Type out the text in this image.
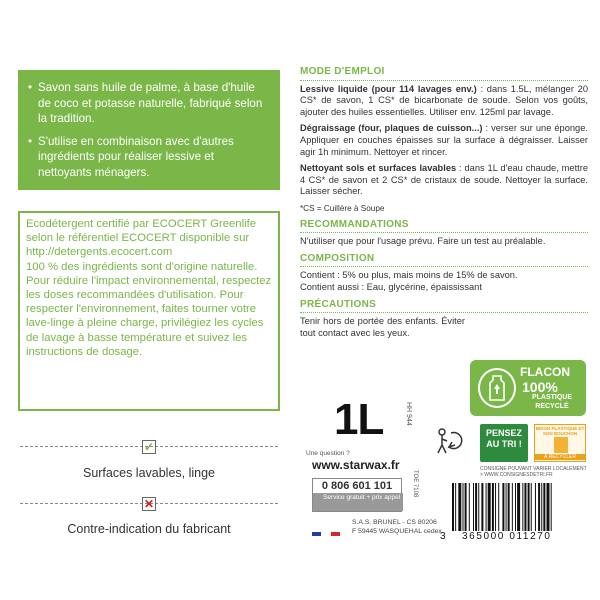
• Savon sans huile de palme, à base d'huile de coco et potasse naturelle, fabriqué selon la tradition.
• S'utilise en combinaison avec d'autres ingrédients pour réaliser lessive et nettoyants ménagers.

Ecodétergent certifié par ECOCERT Greenlife selon le référentiel ECOCERT disponible sur http://detergents.ecocert.com

100 % des ingrédients sont d'origine naturelle.

Pour réduire l'impact environnemental, respectez les doses recommandées d'utilisation. Pour respecter l'environnement, faites tourner votre lave-linge à pleine charge, privilégiez les cycles de lavage à basse température et suivez les instructions de dosage.

✓
Surfaces lavables, linge
✕
Contre-indication du fabricant
MODE D'EMPLOI
Lessive liquide (pour 114 lavages env.) : dans 1.5L, mélanger 20 CS* de savon, 1 CS* de bicarbonate de soude. Selon vos goûts, ajouter des huiles essentielles. Utiliser env. 125ml par lavage.
Dégraissage (four, plaques de cuisson...) : verser sur une éponge. Appliquer en couches épaisses sur la surface à dégraisser. Laisser agir 1h minimum. Nettoyer et rincer.
Nettoyant sols et surfaces lavables : dans 1L d'eau chaude, mettre 4 CS* de savon et 2 CS* de cristaux de soude. Nettoyer la surface. Laisser sécher.
*CS = Cuillère à Soupe
RECOMMANDATIONS
N'utiliser que pour l'usage prévu. Faire un test au préalable.
COMPOSITION
Contient : 5% ou plus, mais moins de 15% de savon.
Contient aussi : Eau, glycérine, épaississant
PRÉCAUTIONS
Tenir hors de portée des enfants. Éviter tout contact avec les yeux.
FLACON
100%
PLASTIQUE RECYCLÉ
1L	HH 944
PENSEZ AU TRI !
BIDON PLASTIQUE ET SON BOUCHON
À RECYCLER
CONSIGNE POUVANT VARIER LOCALEMENT > WWW.CONSIGNESDETRI.FR
Une question ?
www.starwax.fr
0 806 601 101
Service gratuit + prix appel
TOE 7108
S.A.S. BRUNEL - CS 80206
F 59445 WASQUEHAL cedex
3 365000 011270
